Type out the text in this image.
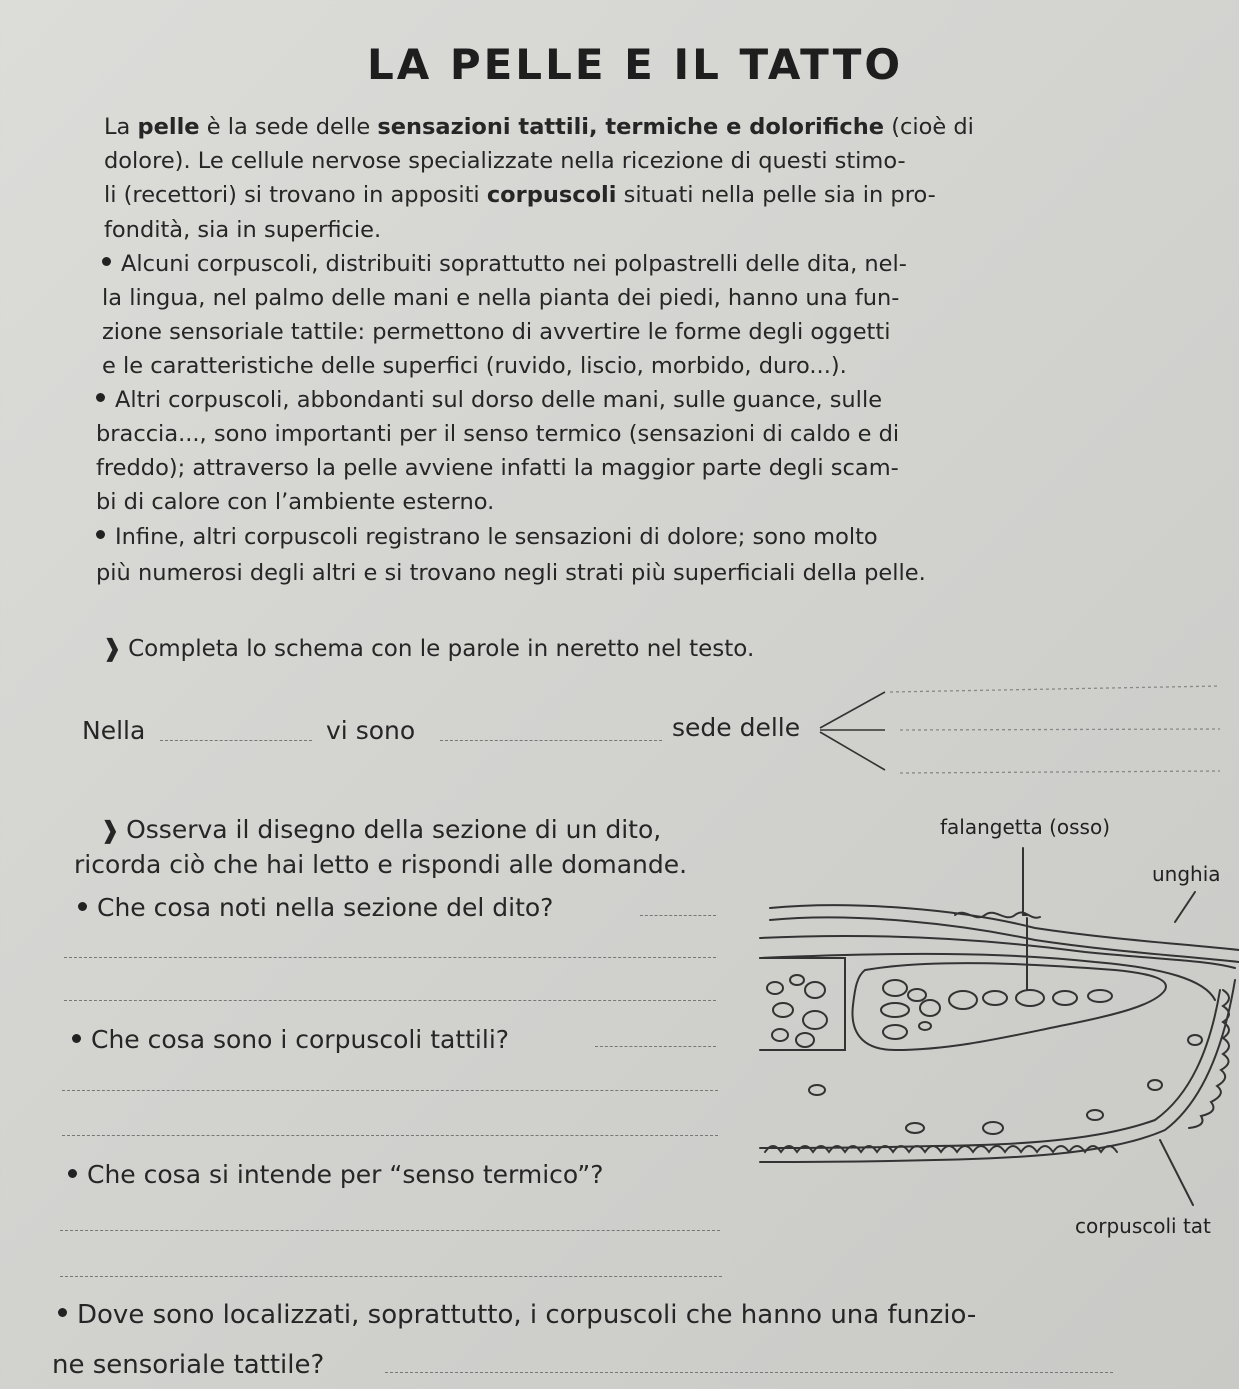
LA PELLE E IL TATTO
La pelle è la sede delle sensazioni tattili, termiche e dolorifiche (cioè di
dolore). Le cellule nervose specializzate nella ricezione di questi stimo-
li (recettori) si trovano in appositi corpuscoli situati nella pelle sia in pro-
fondità, sia in superficie.
Alcuni corpuscoli, distribuiti soprattutto nei polpastrelli delle dita, nel-
la lingua, nel palmo delle mani e nella pianta dei piedi, hanno una fun-
zione sensoriale tattile: permettono di avvertire le forme degli oggetti
e le caratteristiche delle superfici (ruvido, liscio, morbido, duro...).
Altri corpuscoli, abbondanti sul dorso delle mani, sulle guance, sulle
braccia..., sono importanti per il senso termico (sensazioni di caldo e di
freddo); attraverso la pelle avviene infatti la maggior parte degli scam-
bi di calore con l’ambiente esterno.
Infine, altri corpuscoli registrano le sensazioni di dolore; sono molto
più numerosi degli altri e si trovano negli strati più superficiali della pelle.
❱ Completa lo schema con le parole in neretto nel testo.
Nella	vi sono	sede delle
❱ Osserva il disegno della sezione di un dito,
ricorda ciò che hai letto e rispondi alle domande.
Che cosa noti nella sezione del dito?
Che cosa sono i corpuscoli tattili?
Che cosa si intende per “senso termico”?
Dove sono localizzati, soprattutto, i corpuscoli che hanno una funzio-
ne sensoriale tattile?
falangetta (osso)
unghia
corpuscoli tat
